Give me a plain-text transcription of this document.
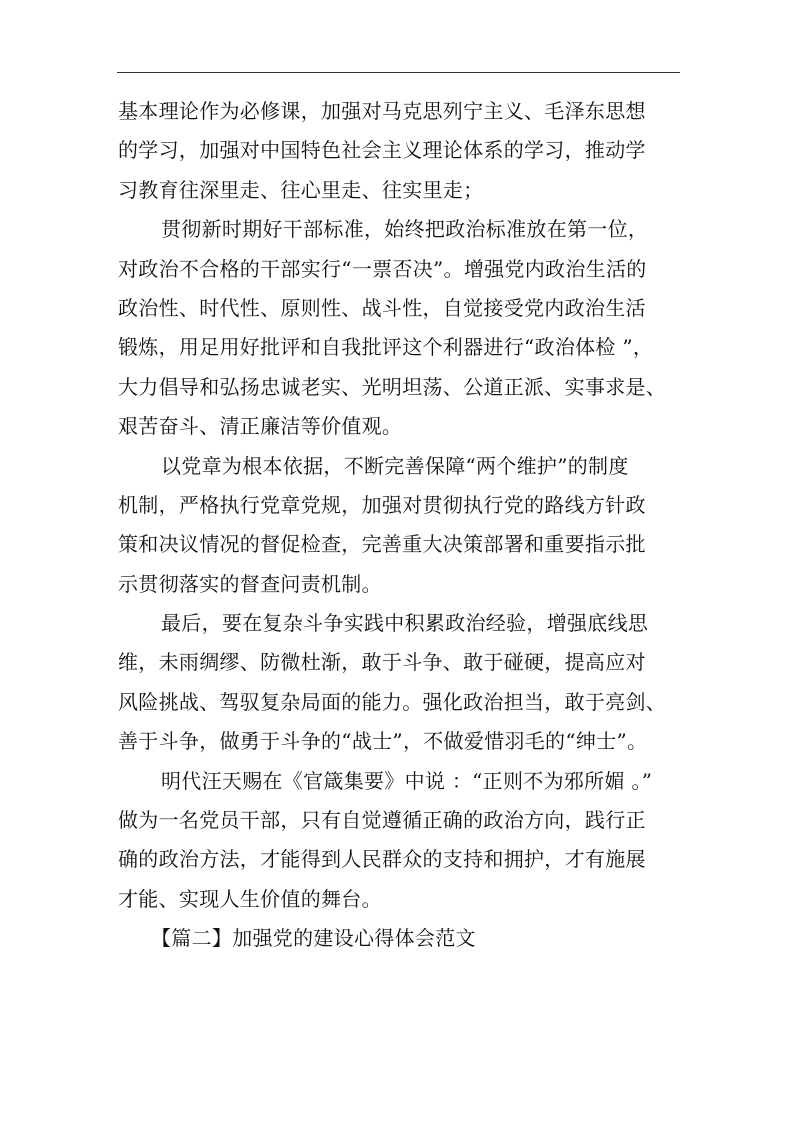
基本理论作为必修课，加强对马克思列宁主义、毛泽东思想
的学习，加强对中国特色社会主义理论体系的学习，推动学
习教育往深里走、往心里走、往实里走；
贯彻新时期好干部标准，始终把政治标准放在第一位，
对政治不合格的干部实行“一票否决”。增强党内政治生活的
政治性、时代性、原则性、战斗性，自觉接受党内政治生活
锻炼，用足用好批评和自我批评这个利器进行“政治体检 ”，
大力倡导和弘扬忠诚老实、光明坦荡、公道正派、实事求是、
艰苦奋斗、清正廉洁等价值观。
以党章为根本依据，不断完善保障“两个维护”的制度
机制，严格执行党章党规，加强对贯彻执行党的路线方针政
策和决议情况的督促检查，完善重大决策部署和重要指示批
示贯彻落实的督查问责机制。
最后，要在复杂斗争实践中积累政治经验，增强底线思
维，未雨绸缪、防微杜渐，敢于斗争、敢于碰硬，提高应对
风险挑战、驾驭复杂局面的能力。强化政治担当，敢于亮剑、
善于斗争，做勇于斗争的“战士”，不做爱惜羽毛的“绅士”。
明代汪天赐在《官箴集要》中说 ：“正则不为邪所媚 。”
做为一名党员干部，只有自觉遵循正确的政治方向，践行正
确的政治方法，才能得到人民群众的支持和拥护，才有施展
才能、实现人生价值的舞台。
【篇二】加强党的建设心得体会范文
